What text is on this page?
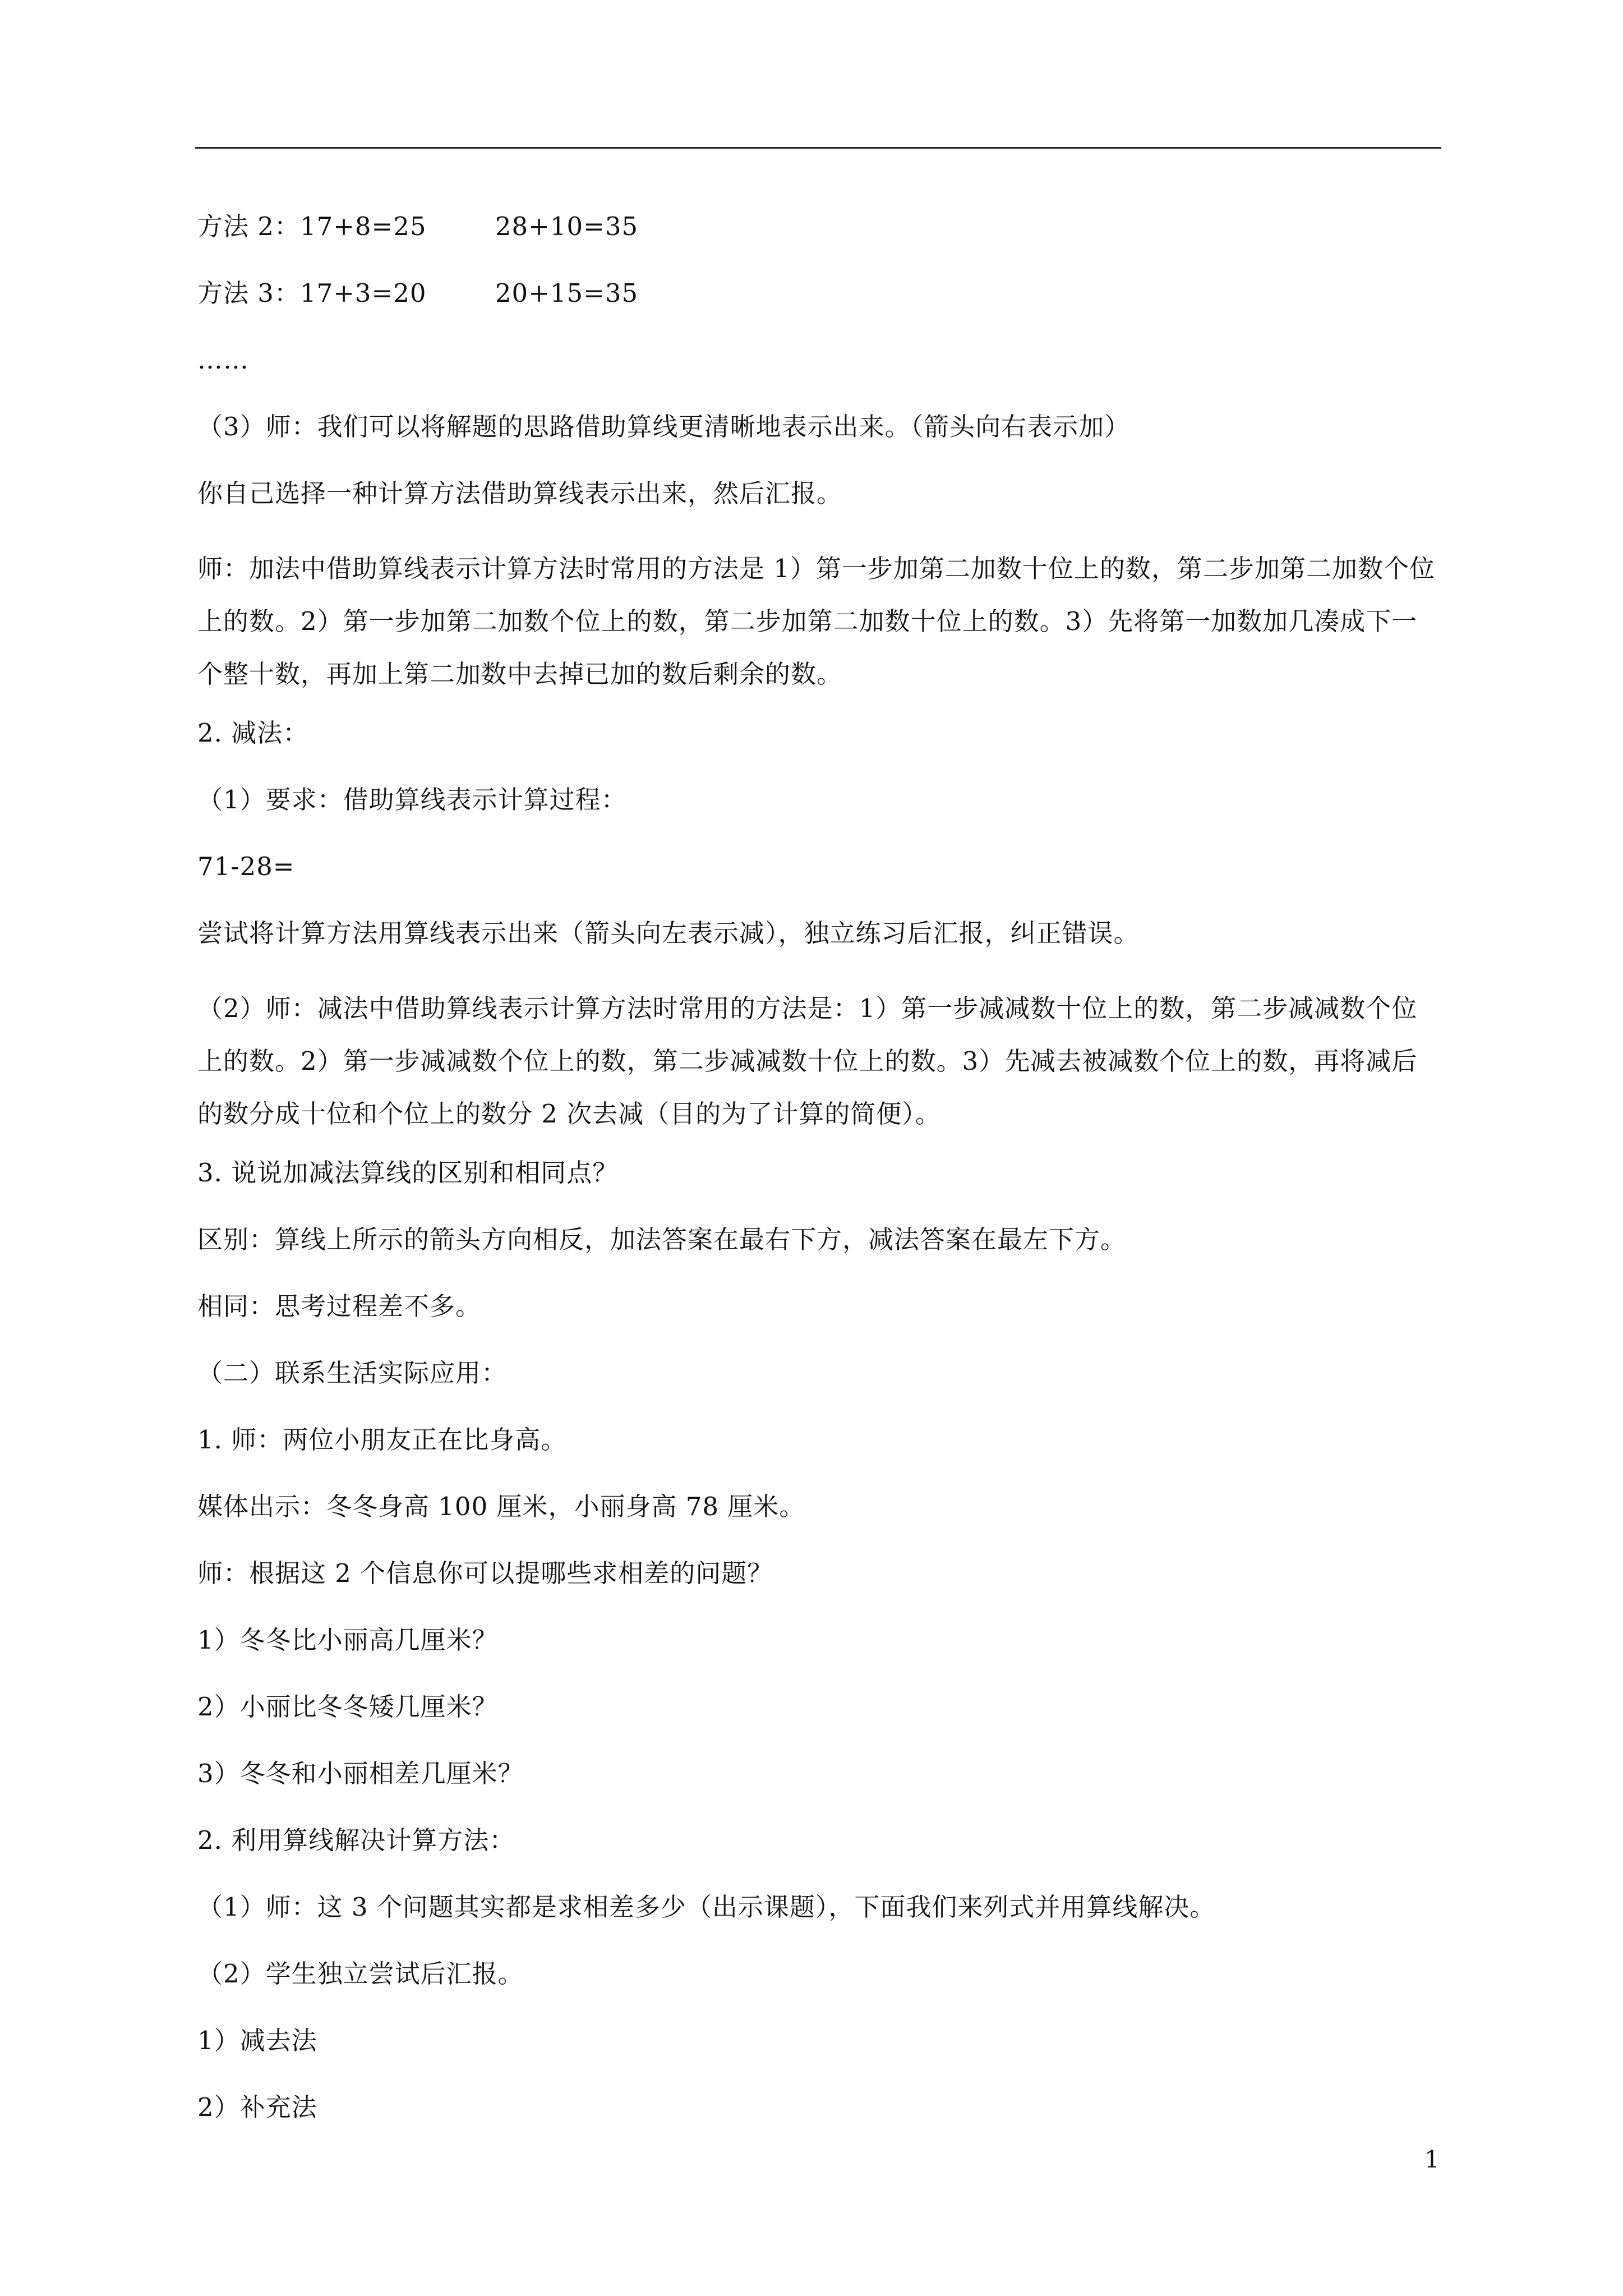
方法 2：17+8=25        28+10=35

方法 3：17+3=20        20+15=35

……

（3）师：我们可以将解题的思路借助算线更清晰地表示出来。（箭头向右表示加）

你自己选择一种计算方法借助算线表示出来，然后汇报。

师：加法中借助算线表示计算方法时常用的方法是 1）第一步加第二加数十位上的数，第二步加第二加数个位上的数。2）第一步加第二加数个位上的数，第二步加第二加数十位上的数。3）先将第一加数加几凑成下一个整十数，再加上第二加数中去掉已加的数后剩余的数。

2. 减法：

（1）要求：借助算线表示计算过程：

71-28=

尝试将计算方法用算线表示出来（箭头向左表示减），独立练习后汇报，纠正错误。

（2）师：减法中借助算线表示计算方法时常用的方法是：1）第一步减减数十位上的数，第二步减减数个位上的数。2）第一步减减数个位上的数，第二步减减数十位上的数。3）先减去被减数个位上的数，再将减后的数分成十位和个位上的数分 2 次去减（目的为了计算的简便）。

3. 说说加减法算线的区别和相同点？

区别：算线上所示的箭头方向相反，加法答案在最右下方，减法答案在最左下方。

相同：思考过程差不多。

（二）联系生活实际应用：

1. 师：两位小朋友正在比身高。

媒体出示：冬冬身高 100 厘米，小丽身高 78 厘米。

师：根据这 2 个信息你可以提哪些求相差的问题？

1）冬冬比小丽高几厘米？

2）小丽比冬冬矮几厘米？

3）冬冬和小丽相差几厘米？

2. 利用算线解决计算方法：

（1）师：这 3 个问题其实都是求相差多少（出示课题），下面我们来列式并用算线解决。

（2）学生独立尝试后汇报。

1）减去法

2）补充法

1
